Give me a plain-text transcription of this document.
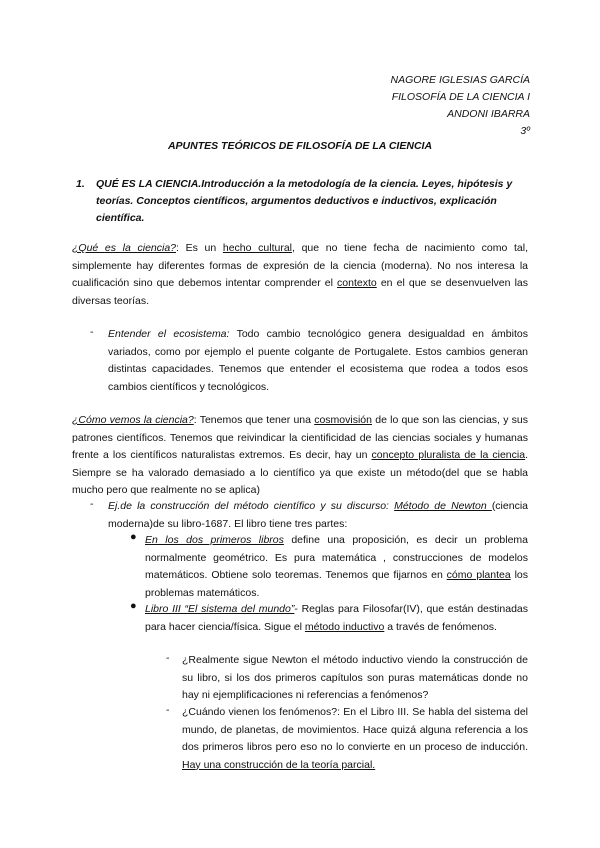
NAGORE IGLESIAS GARCÍA
FILOSOFÍA DE LA CIENCIA I
ANDONI IBARRA
3º
APUNTES TEÓRICOS DE FILOSOFÍA DE LA CIENCIA
1. QUÉ ES LA CIENCIA.Introducción a la metodología de la ciencia. Leyes, hipótesis y teorías. Conceptos científicos, argumentos deductivos e inductivos, explicación científica.
¿Qué es la ciencia?: Es un hecho cultural, que no tiene fecha de nacimiento como tal, simplemente hay diferentes formas de expresión de la ciencia (moderna). No nos interesa la cualificación sino que debemos intentar comprender el contexto en el que se desenvuelven las diversas teorías.
- Entender el ecosistema: Todo cambio tecnológico genera desigualdad en ámbitos variados, como por ejemplo el puente colgante de Portugalete. Estos cambios generan distintas capacidades. Tenemos que entender el ecosistema que rodea a todos esos cambios científicos y tecnológicos.
¿Cómo vemos la ciencia?: Tenemos que tener una cosmovisión de lo que son las ciencias, y sus patrones científicos. Tenemos que reivindicar la cientificidad de las ciencias sociales y humanas frente a los científicos naturalistas extremos. Es decir, hay un concepto pluralista de la ciencia. Siempre se ha valorado demasiado a lo científico ya que existe un método(del que se habla mucho pero que realmente no se aplica)
- Ej.de la construcción del método científico y su discurso: Método de Newton (ciencia moderna)de su libro-1687. El libro tiene tres partes:
● En los dos primeros libros define una proposición, es decir un problema normalmente geométrico. Es pura matemática , construcciones de modelos matemáticos. Obtiene solo teoremas. Tenemos que fijarnos en cómo plantea los problemas matemáticos.
● Libro III “El sistema del mundo”- Reglas para Filosofar(IV), que están destinadas para hacer ciencia/física. Sigue el método inductivo a través de fenómenos.
- ¿Realmente sigue Newton el método inductivo viendo la construcción de su libro, si los dos primeros capítulos son puras matemáticas donde no hay ni ejemplificaciones ni referencias a fenómenos?
- ¿Cuándo vienen los fenómenos?: En el Libro III. Se habla del sistema del mundo, de planetas, de movimientos. Hace quizá alguna referencia a los dos primeros libros pero eso no lo convierte en un proceso de inducción. Hay una construcción de la teoría parcial.
